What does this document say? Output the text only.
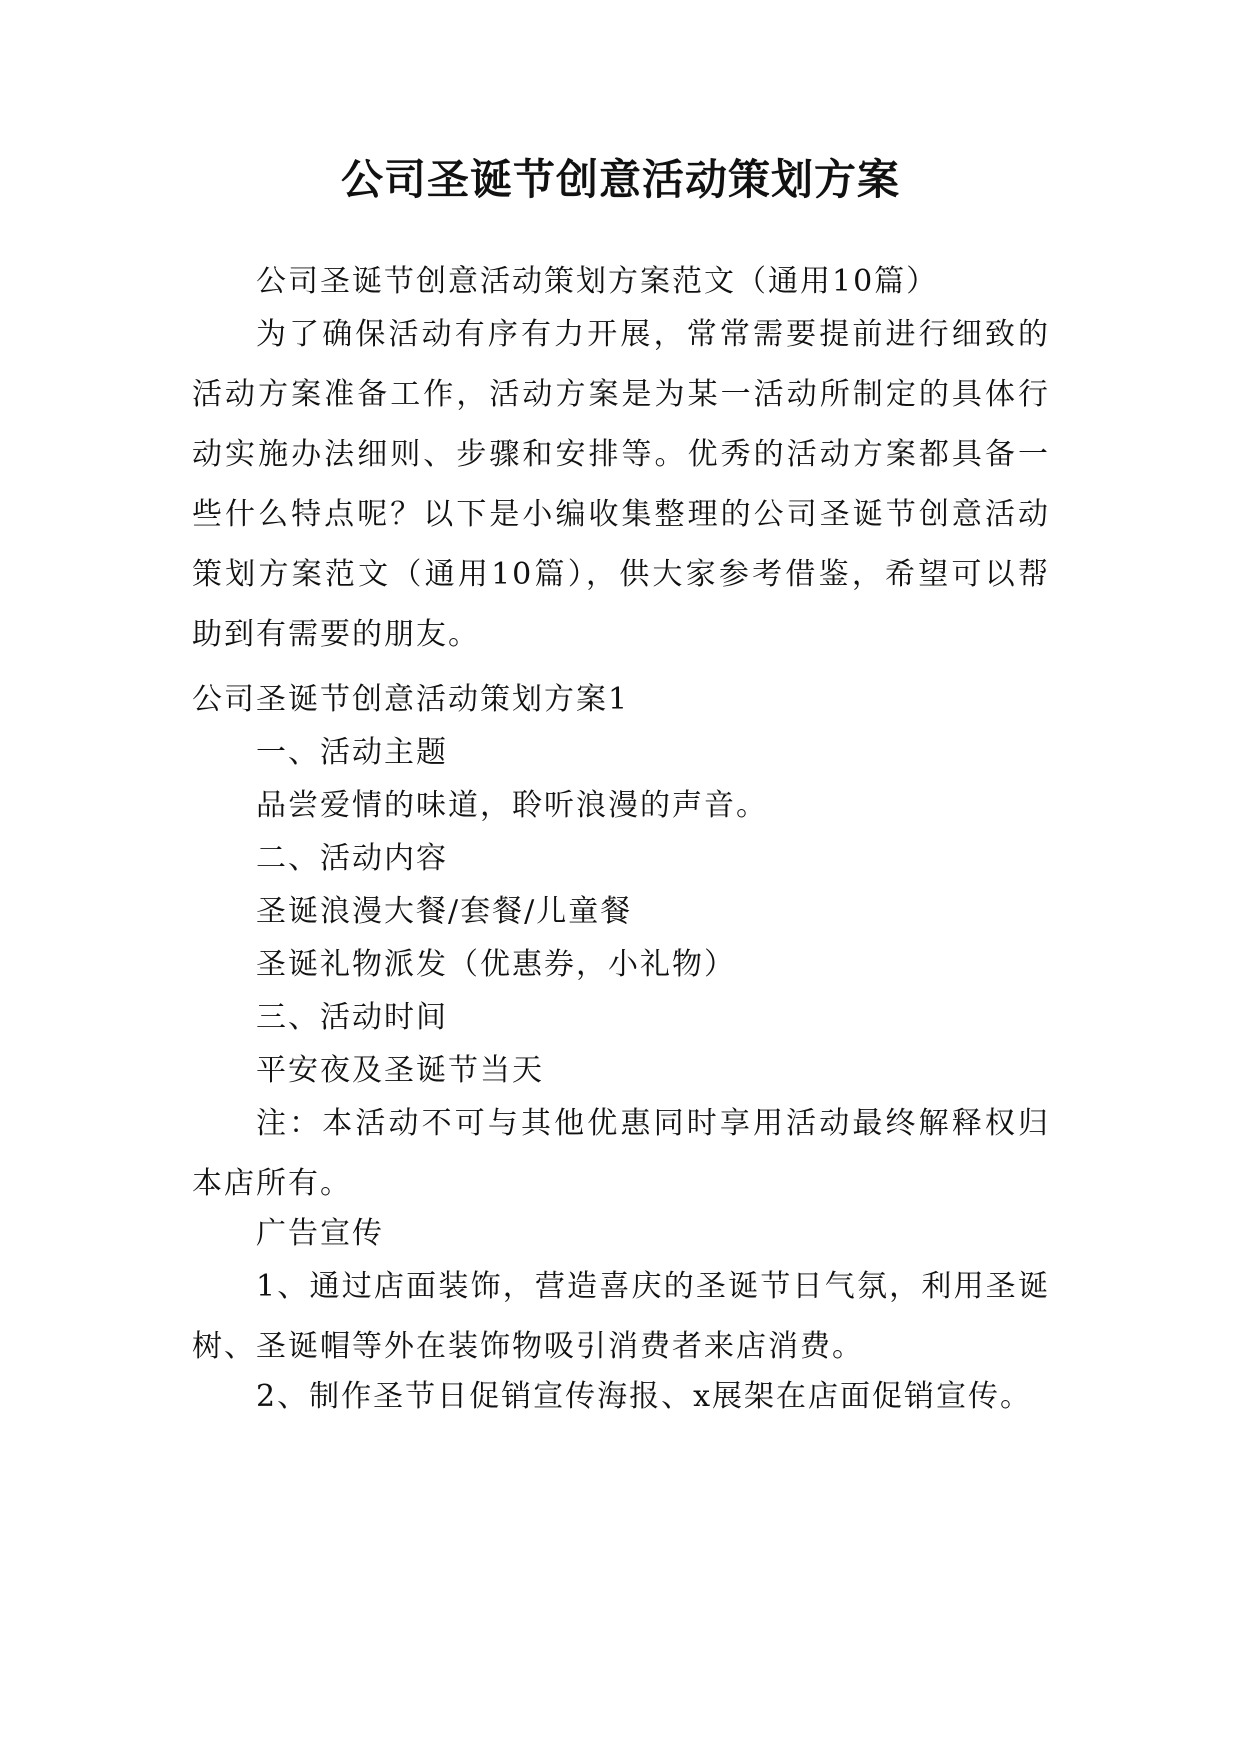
公司圣诞节创意活动策划方案
公司圣诞节创意活动策划方案范文（通用10篇）
为了确保活动有序有力开展，常常需要提前进行细致的活动方案准备工作，活动方案是为某一活动所制定的具体行动实施办法细则、步骤和安排等。优秀的活动方案都具备一些什么特点呢？以下是小编收集整理的公司圣诞节创意活动策划方案范文（通用10篇），供大家参考借鉴，希望可以帮助到有需要的朋友。
公司圣诞节创意活动策划方案1
一、活动主题
品尝爱情的味道，聆听浪漫的声音。
二、活动内容
圣诞浪漫大餐/套餐/儿童餐
圣诞礼物派发（优惠券，小礼物）
三、活动时间
平安夜及圣诞节当天
注：本活动不可与其他优惠同时享用活动最终解释权归本店所有。
广告宣传
1、通过店面装饰，营造喜庆的圣诞节日气氛，利用圣诞树、圣诞帽等外在装饰物吸引消费者来店消费。
2、制作圣节日促销宣传海报、x展架在店面促销宣传。
